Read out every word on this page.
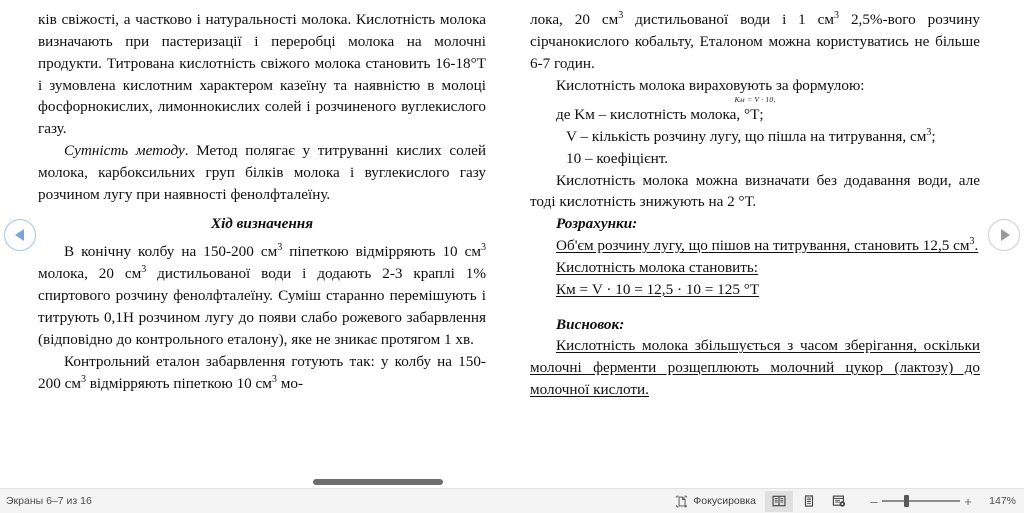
ків свіжості, а частково і натуральності молока. Кислотність молока визначають при пастеризації і переробці молока на молочні продукти. Титрована кислотність свіжого молока становить 16-18°Т і зумовлена кислотним характером казеїну та наявністю в молоці фосфорнокислих, лимоннокислих солей і розчиненого вуглекислого газу.

Сутність методу. Метод полягає у титруванні кислих солей молока, карбоксильних груп білків молока і вуглекислого газу розчином лугу при наявності фенолфталеїну.

Хід визначення

В конічну колбу на 150-200 $см^3$ піпеткою відмірряють 10 $см^3$ молока, 20 $см^3$ дистильованої води і додають 2-3 краплі 1% спиртового розчину фенолфталеїну. Суміш старанно перемішують і титрують 0,1Н розчином лугу до появи слабо рожевого забарвлення (відповідно до контрольного еталону), яке не зникає протягом 1 хв.

Контрольний еталон забарвлення готують так: у колбу на 150-200 $см^3$ відмірряють піпеткою 10 $см^3$ мо-

лока, 20 $см^3$ дистильованої води і 1 $см^3$ 2,5%-вого розчину сірчанокислого кобальту, Еталоном можна користуватись не більше 6-7 годин.

Кислотність молока вираховують за формулою:

Kм = V · 10,

де Kм – кислотність молока, °Т;

V – кількість розчину лугу, що пішла на титрування, $см^3$;

10 – коефіцієнт.

Кислотність молока можна визначати без додавання води, але тоді кислотність знижують на 2 °Т.

Розрахунки:

Об'єм розчину лугу, що пішов на титрування, становить 12,5 $см^3$.

Кислотність молока становить:

Км = V · 10 = 12,5 · 10 = 125 °Т

Висновок:

Кислотність молока збільшується з часом зберігання, оскільки молочні ферменти розщеплюють молочний цукор (лактозу) до молочної кислоти.

Экраны 6–7 из 16	Фокусировка	–	+	147%
